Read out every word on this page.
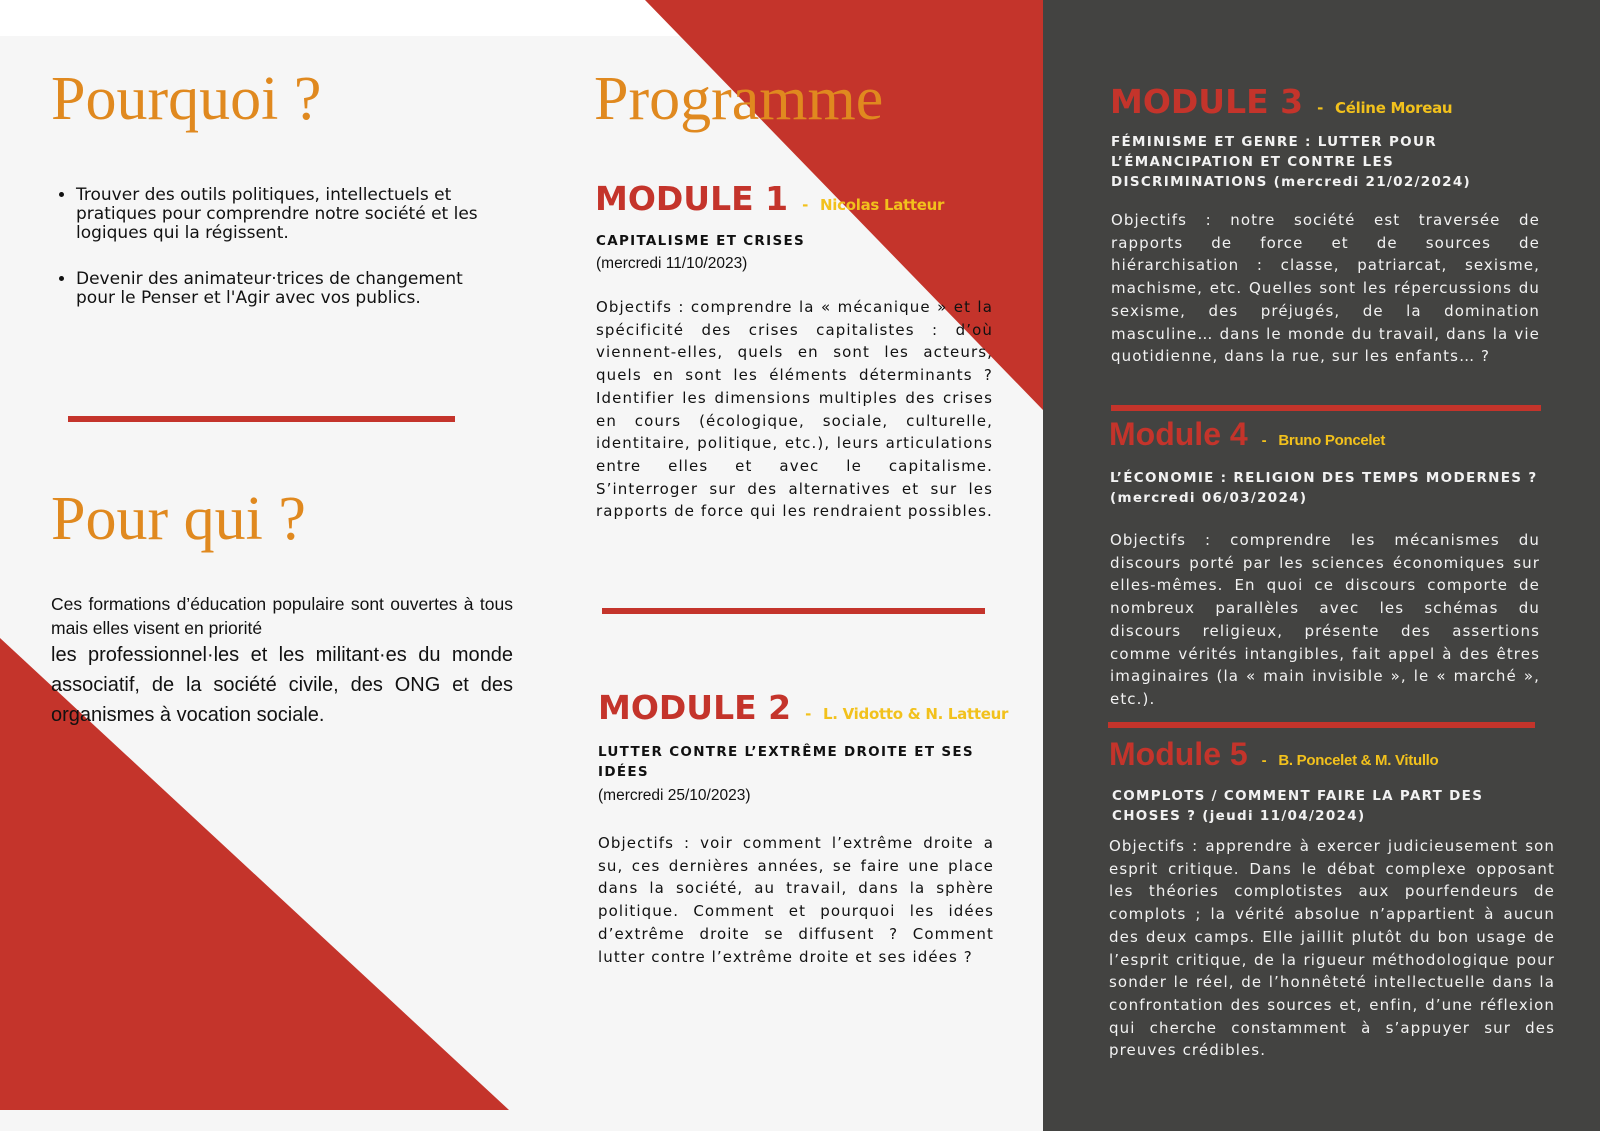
Pourquoi ?
• Trouver des outils politiques, intellectuels et pratiques pour comprendre notre société et les logiques qui la régissent.
• Devenir des animateur·trices de changement pour le Penser et l'Agir avec vos publics.
Pour qui ?

Ces formations d’éducation populaire sont ouvertes à tous mais elles visent en priorité

les professionnel·les et les militant·es du monde associatif, de la société civile, des ONG et des organismes à vocation sociale.

Programme
MODULE 1 - Nicolas Latteur

CAPITALISME ET CRISES

(mercredi 11/10/2023)

Objectifs : comprendre la « mécanique » et la spécificité des crises capitalistes : d’où viennent-elles, quels en sont les acteurs, quels en sont les éléments déterminants ? Identifier les dimensions multiples des crises en cours (écologique, sociale, culturelle, identitaire, politique, etc.), leurs articulations entre elles et avec le capitalisme. S’interroger sur des alternatives et sur les rapports de force qui les rendraient possibles.

MODULE 2 - L. Vidotto & N. Latteur

LUTTER CONTRE L’EXTRÊME DROITE ET SES IDÉES

(mercredi 25/10/2023)

Objectifs : voir comment l’extrême droite a su, ces dernières années, se faire une place dans la société, au travail, dans la sphère politique. Comment et pourquoi les idées d’extrême droite se diffusent ? Comment lutter contre l’extrême droite et ses idées ?

MODULE 3 - Céline Moreau

FÉMINISME ET GENRE : LUTTER POUR L’ÉMANCIPATION ET CONTRE LES DISCRIMINATIONS (mercredi 21/02/2024)

Objectifs : notre société est traversée de rapports de force et de sources de hiérarchisation : classe, patriarcat, sexisme, machisme, etc. Quelles sont les répercussions du sexisme, des préjugés, de la domination masculine… dans le monde du travail, dans la vie quotidienne, dans la rue, sur les enfants… ?

Module 4 - Bruno Poncelet

L’ÉCONOMIE : RELIGION DES TEMPS MODERNES ? (mercredi 06/03/2024)

Objectifs : comprendre les mécanismes du discours porté par les sciences économiques sur elles-mêmes. En quoi ce discours comporte de nombreux parallèles avec les schémas du discours religieux, présente des assertions comme vérités intangibles, fait appel à des êtres imaginaires (la « main invisible », le « marché », etc.).

Module 5 - B. Poncelet & M. Vitullo

COMPLOTS / COMMENT FAIRE LA PART DES CHOSES ? (jeudi 11/04/2024)

Objectifs : apprendre à exercer judicieusement son esprit critique. Dans le débat complexe opposant les théories complotistes aux pourfendeurs de complots ; la vérité absolue n’appartient à aucun des deux camps. Elle jaillit plutôt du bon usage de l’esprit critique, de la rigueur méthodologique pour sonder le réel, de l’honnêteté intellectuelle dans la confrontation des sources et, enfin, d’une réflexion qui cherche constamment à s’appuyer sur des preuves crédibles.
